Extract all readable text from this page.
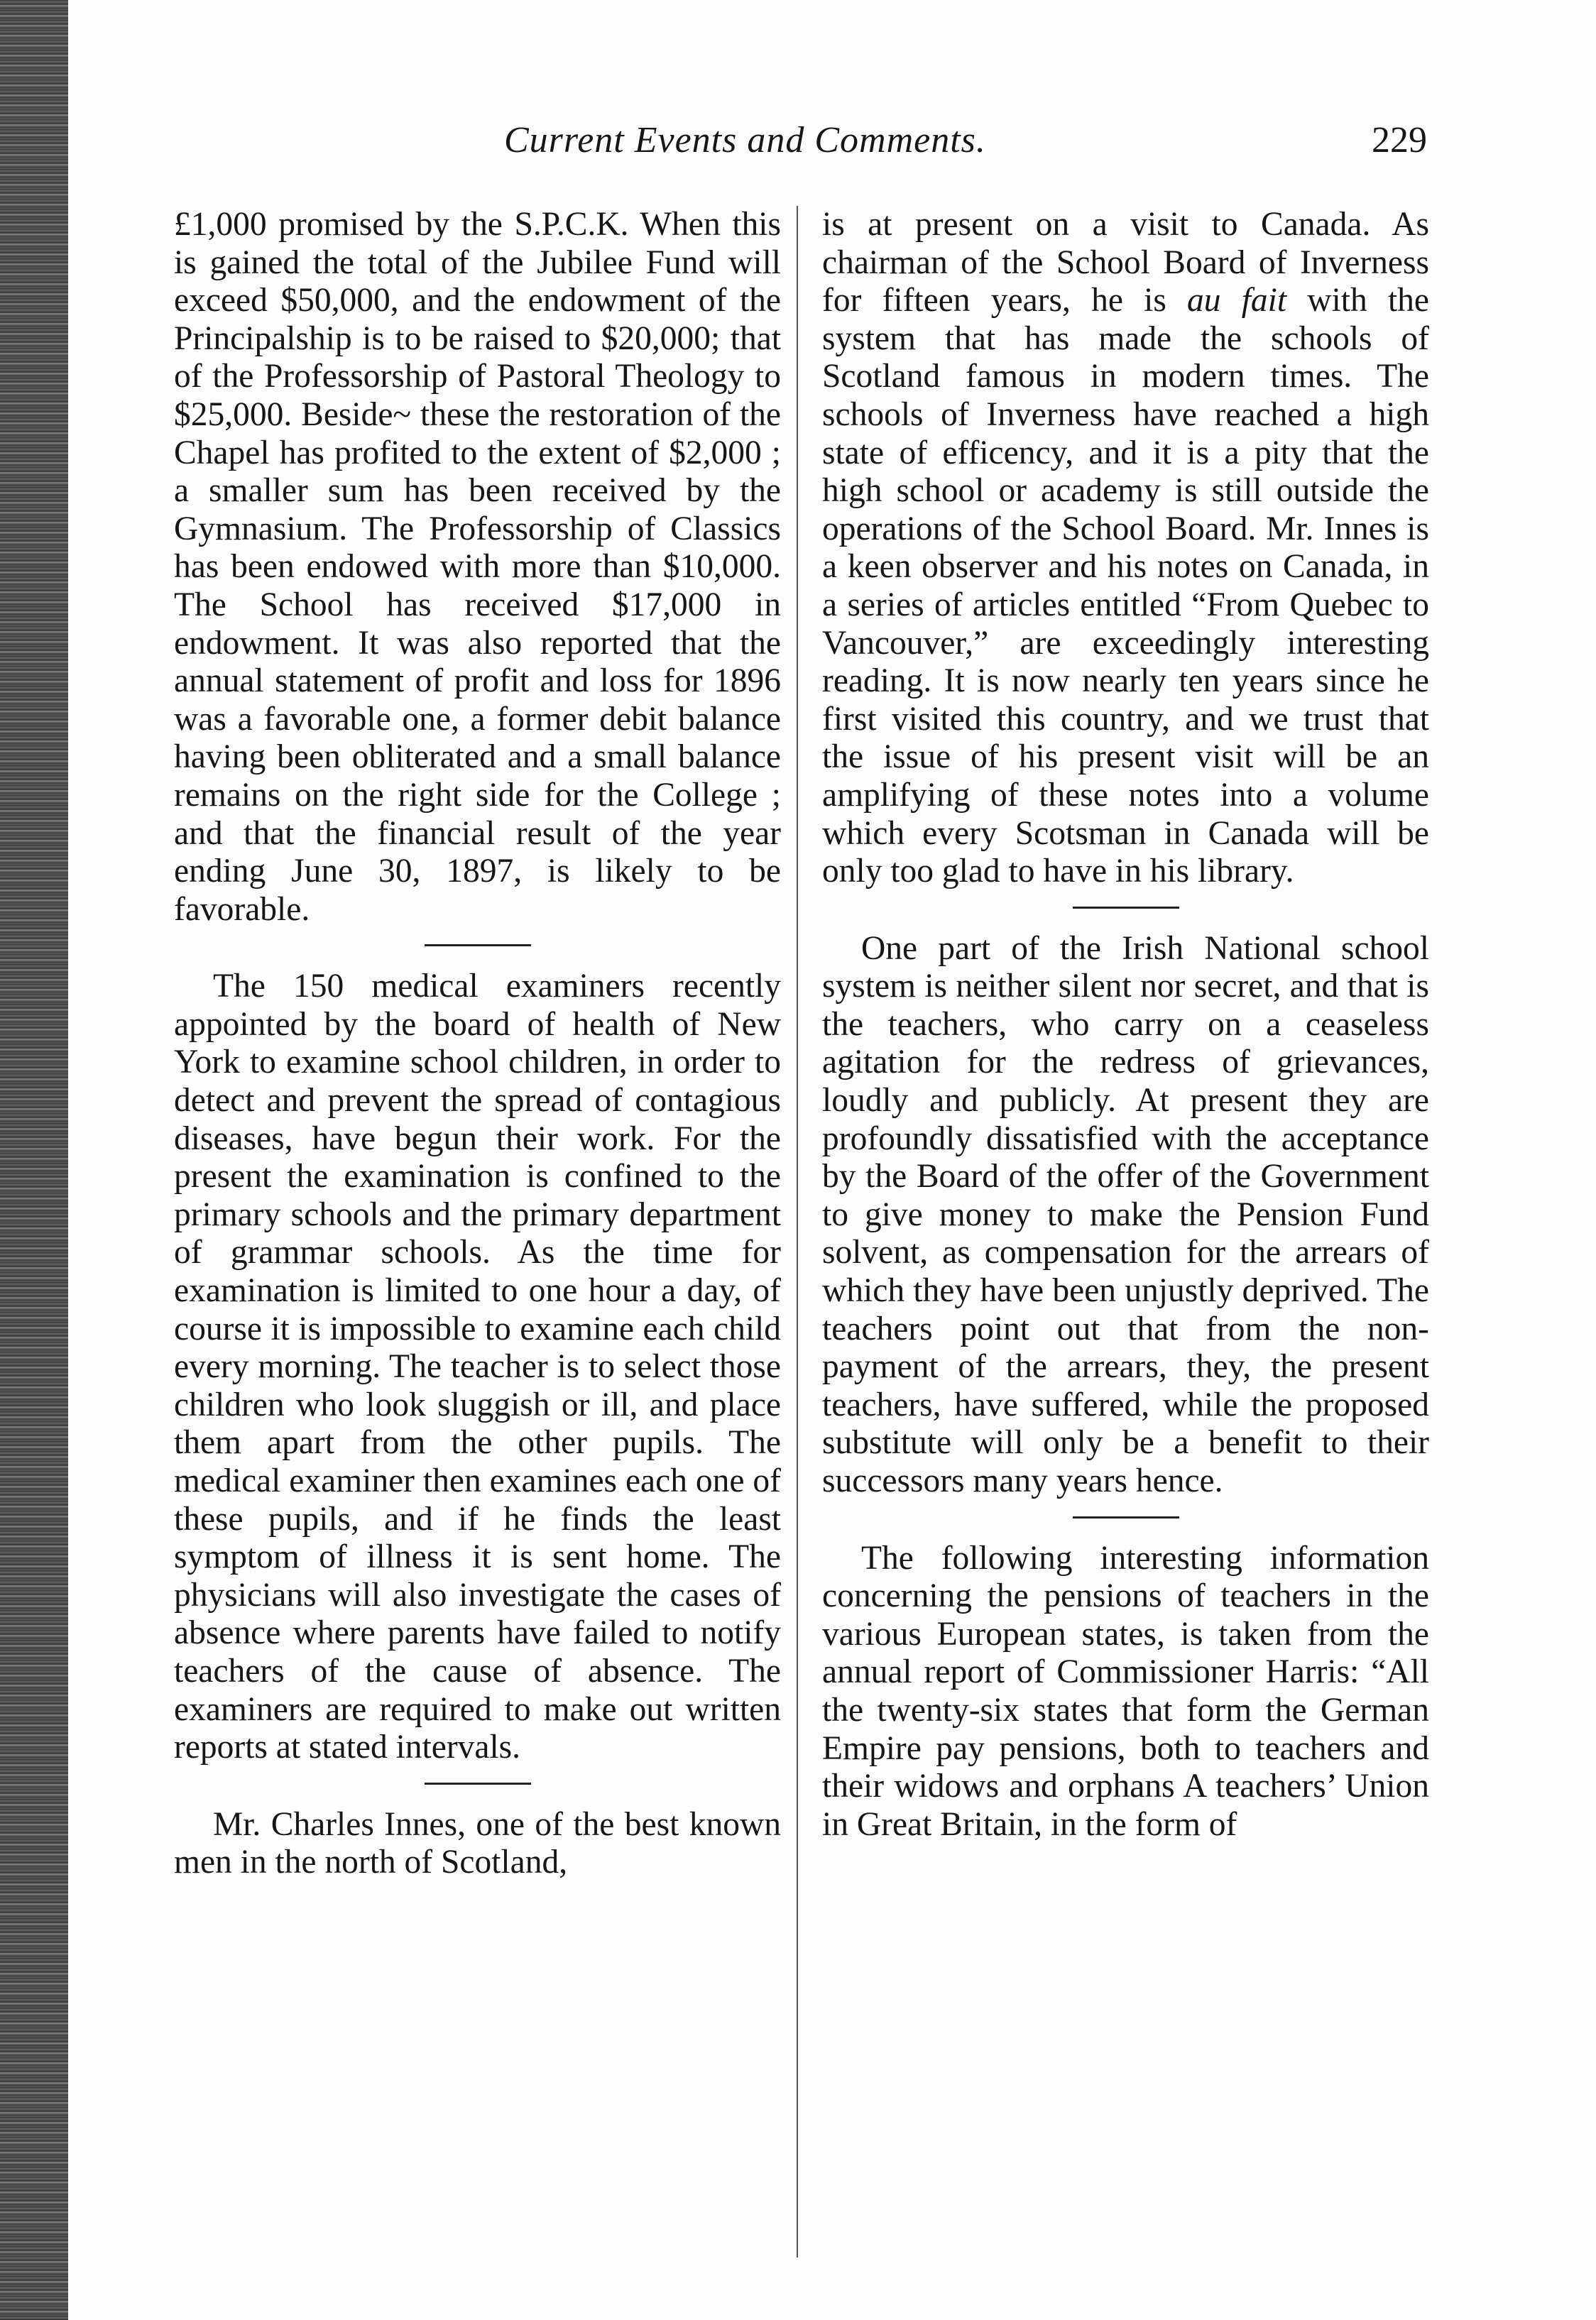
Current Events and Comments.	229

£1,000 promised by the S.P.C.K. When this is gained the total of the Jubilee Fund will exceed $50,000, and the endowment of the Principalship is to be raised to $20,000; that of the Professorship of Pastoral Theology to $25,000. Beside~ these the restoration of the Chapel has profited to the extent of $2,000 ; a smaller sum has been received by the Gymnasium. The Professorship of Classics has been endowed with more than $10,000. The School has received $17,000 in endowment. It was also reported that the annual statement of profit and loss for 1896 was a favorable one, a former debit balance having been obliterated and a small balance remains on the right side for the College ; and that the financial result of the year ending June 30, 1897, is likely to be favorable.

The 150 medical examiners recently appointed by the board of health of New York to examine school children, in order to detect and prevent the spread of contagious diseases, have begun their work. For the present the examination is confined to the primary schools and the primary department of grammar schools. As the time for examination is limited to one hour a day, of course it is impossible to examine each child every morning. The teacher is to select those children who look sluggish or ill, and place them apart from the other pupils. The medical examiner then examines each one of these pupils, and if he finds the least symptom of illness it is sent home. The physicians will also investigate the cases of absence where parents have failed to notify teachers of the cause of absence. The examiners are required to make out written reports at stated intervals.

Mr. Charles Innes, one of the best known men in the north of Scotland,

is at present on a visit to Canada. As chairman of the School Board of Inverness for fifteen years, he is au fait with the system that has made the schools of Scotland famous in modern times. The schools of Inverness have reached a high state of efficency, and it is a pity that the high school or academy is still outside the operations of the School Board. Mr. Innes is a keen observer and his notes on Canada, in a series of articles entitled “From Quebec to Vancouver,” are exceedingly interesting reading. It is now nearly ten years since he first visited this country, and we trust that the issue of his present visit will be an amplifying of these notes into a volume which every Scotsman in Canada will be only too glad to have in his library.

One part of the Irish National school system is neither silent nor secret, and that is the teachers, who carry on a ceaseless agitation for the redress of grievances, loudly and publicly. At present they are profoundly dissatisfied with the acceptance by the Board of the offer of the Government to give money to make the Pension Fund solvent, as compensation for the arrears of which they have been unjustly deprived. The teachers point out that from the non-payment of the arrears, they, the present teachers, have suffered, while the proposed substitute will only be a benefit to their successors many years hence.

The following interesting information concerning the pensions of teachers in the various European states, is taken from the annual report of Commissioner Harris: “All the twenty-six states that form the German Empire pay pensions, both to teachers and their widows and orphans A teachers’ Union in Great Britain, in the form of
